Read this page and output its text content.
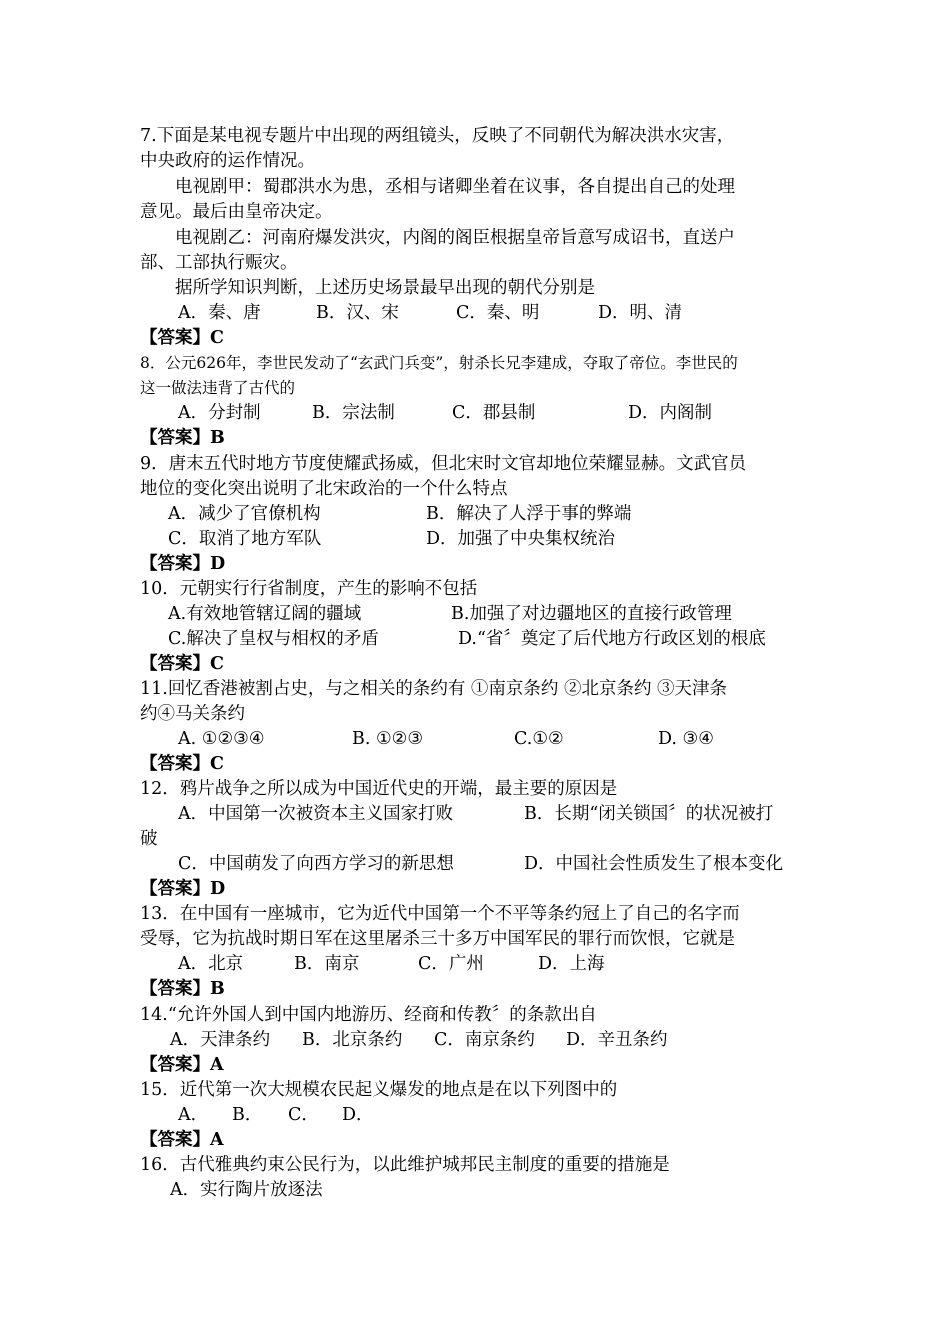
7.下面是某电视专题片中出现的两组镜头，反映了不同朝代为解决洪水灾害，
中央政府的运作情况。
　　电视剧甲：蜀郡洪水为患，丞相与诸卿坐着在议事，各自提出自己的处理
意见。最后由皇帝决定。
　　电视剧乙：河南府爆发洪灾，内阁的阁臣根据皇帝旨意写成诏书，直送户
部、工部执行赈灾。
　　据所学知识判断，上述历史场景最早出现的朝代分别是
A．秦、唐	B．汉、宋	C．秦、明	D．明、清
【答案】C
8．公元626年，李世民发动了“玄武门兵变”，射杀长兄李建成，夺取了帝位。李世民的
这一做法违背了古代的
A．分封制	B．宗法制	C．郡县制	D．内阁制
【答案】B
9．唐末五代时地方节度使耀武扬威，但北宋时文官却地位荣耀显赫。文武官员
地位的变化突出说明了北宋政治的一个什么特点
A．减少了官僚机构	B．解决了人浮于事的弊端
C．取消了地方军队	D．加强了中央集权统治
【答案】D
10．元朝实行行省制度，产生的影响不包括
A.有效地管辖辽阔的疆域	B.加强了对边疆地区的直接行政管理
C.解决了皇权与相权的矛盾	D.“省〞奠定了后代地方行政区划的根底
【答案】C
11.回忆香港被割占史，与之相关的条约有 ①南京条约 ②北京条约 ③天津条
约④马关条约
A. ①②③④	B. ①②③	C.①②	D. ③④
【答案】C
12．鸦片战争之所以成为中国近代史的开端，最主要的原因是
A．中国第一次被资本主义国家打败	B．长期“闭关锁国〞的状况被打
破
C．中国萌发了向西方学习的新思想	D．中国社会性质发生了根本变化
【答案】D
13．在中国有一座城市，它为近代中国第一个不平等条约冠上了自己的名字而
受辱，它为抗战时期日军在这里屠杀三十多万中国军民的罪行而饮恨，它就是
A．北京	B．南京	C．广州	D．上海
【答案】B
14.“允许外国人到中国内地游历、经商和传教〞的条款出自
A．天津条约 B．北京条约 C．南京条约 D．辛丑条约
【答案】A
15．近代第一次大规模农民起义爆发的地点是在以下列图中的
A． B． C． D．
【答案】A
16．古代雅典约束公民行为，以此维护城邦民主制度的重要的措施是
A．实行陶片放逐法
